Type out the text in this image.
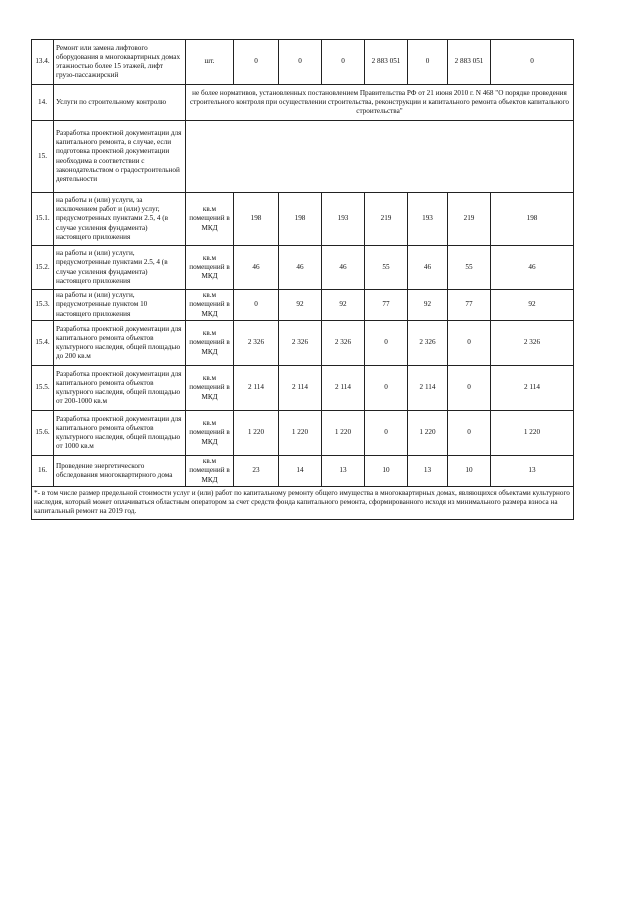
13.4.	Ремонт или замена лифтового оборудования в многоквартирных домах этажностью более 15 этажей, лифт грузо-пассажирский	шт.	0	0	0	2 883 051	0	2 883 051	0
14.	Услуги по строительному контролю	не более нормативов, установленных постановлением Правительства РФ от 21 июня 2010 г. N 468 "О порядке проведения строительного контроля при осуществлении строительства, реконструкции и капитального ремонта объектов капитального строительства"							
15.	Разработка проектной документации для капитального ремонта, в случае, если подготовка проектной документации необходима в соответствии с законодательством о градостроительной деятельности								
15.1.	на работы и (или) услуги, за исключением работ и (или) услуг, предусмотренных пунктами 2.5, 4 (в случае усиления фундамента) настоящего приложения	кв.м помещений в МКД	198	198	193	219	193	219	198
15.2.	на работы и (или) услуги, предусмотренные пунктами 2.5, 4 (в случае усиления фундамента) настоящего приложения	кв.м помещений в МКД	46	46	46	55	46	55	46
15.3.	на работы и (или) услуги, предусмотренные пунктом 10 настоящего приложения	кв.м помещений в МКД	0	92	92	77	92	77	92
15.4.	Разработка проектной документации для капитального ремонта объектов культурного наследия, общей площадью до 200 кв.м	кв.м помещений в МКД	2 326	2 326	2 326	0	2 326	0	2 326
15.5.	Разработка проектной документации для капитального ремонта объектов культурного наследия, общей площадью от 200-1000 кв.м	кв.м помещений в МКД	2 114	2 114	2 114	0	2 114	0	2 114
15.6.	Разработка проектной документации для капитального ремонта объектов культурного наследия, общей площадью от 1000 кв.м	кв.м помещений в МКД	1 220	1 220	1 220	0	1 220	0	1 220
16.	Проведение энергетического обследования многоквартирного дома	кв.м помещений в МКД	23	14	13	10	13	10	13
*- в том числе размер предельной стоимости услуг и (или) работ по капитальному ремонту общего имущества в многоквартирных домах, являющихся объектами культурного наследия, который может оплачиваться областным оператором за счет средств фонда капитального ремонта, сформированного исходя из минимального размера взноса на капитальный ремонт на 2019 год.									
